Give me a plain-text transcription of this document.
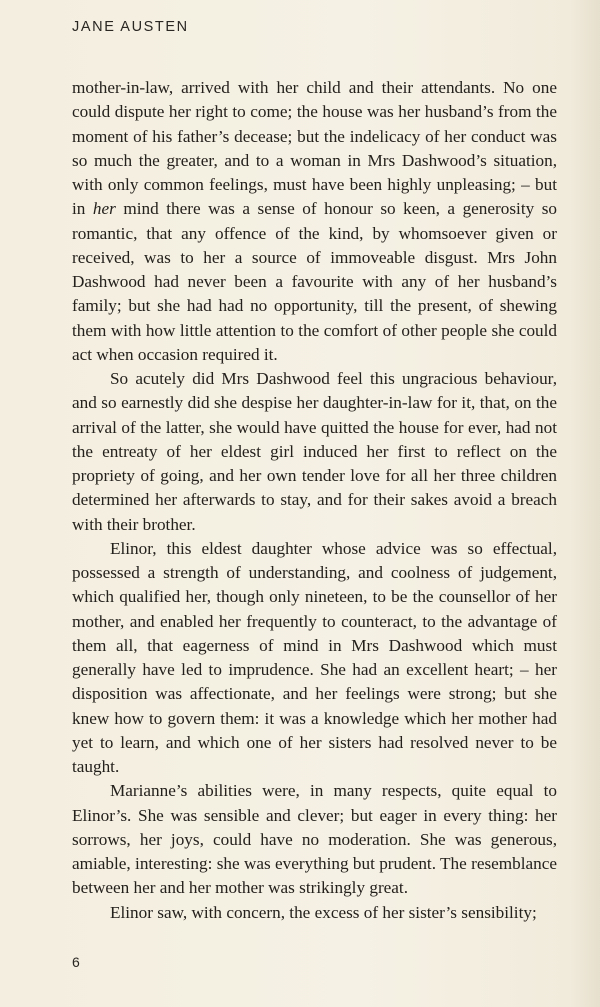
JANE AUSTEN

mother-in-law, arrived with her child and their attendants. No one could dispute her right to come; the house was her husband’s from the moment of his father’s decease; but the indelicacy of her conduct was so much the greater, and to a woman in Mrs Dashwood’s situation, with only common feelings, must have been highly unpleasing; – but in her mind there was a sense of honour so keen, a generosity so romantic, that any offence of the kind, by whomsoever given or received, was to her a source of immoveable disgust. Mrs John Dashwood had never been a favourite with any of her husband’s family; but she had had no opportunity, till the present, of shewing them with how little attention to the comfort of other people she could act when occasion required it.

So acutely did Mrs Dashwood feel this ungracious behaviour, and so earnestly did she despise her daughter-in-law for it, that, on the arrival of the latter, she would have quitted the house for ever, had not the entreaty of her eldest girl induced her first to reflect on the propriety of going, and her own tender love for all her three children determined her afterwards to stay, and for their sakes avoid a breach with their brother.

Elinor, this eldest daughter whose advice was so effectual, possessed a strength of understanding, and coolness of judgement, which qualified her, though only nineteen, to be the counsellor of her mother, and enabled her frequently to counteract, to the advantage of them all, that eagerness of mind in Mrs Dashwood which must generally have led to imprudence. She had an excellent heart; – her disposition was affectionate, and her feelings were strong; but she knew how to govern them: it was a knowledge which her mother had yet to learn, and which one of her sisters had resolved never to be taught.

Marianne’s abilities were, in many respects, quite equal to Elinor’s. She was sensible and clever; but eager in every thing: her sorrows, her joys, could have no moderation. She was generous, amiable, interesting: she was everything but prudent. The resemblance between her and her mother was strikingly great.

Elinor saw, with concern, the excess of her sister’s sensibility;

6
